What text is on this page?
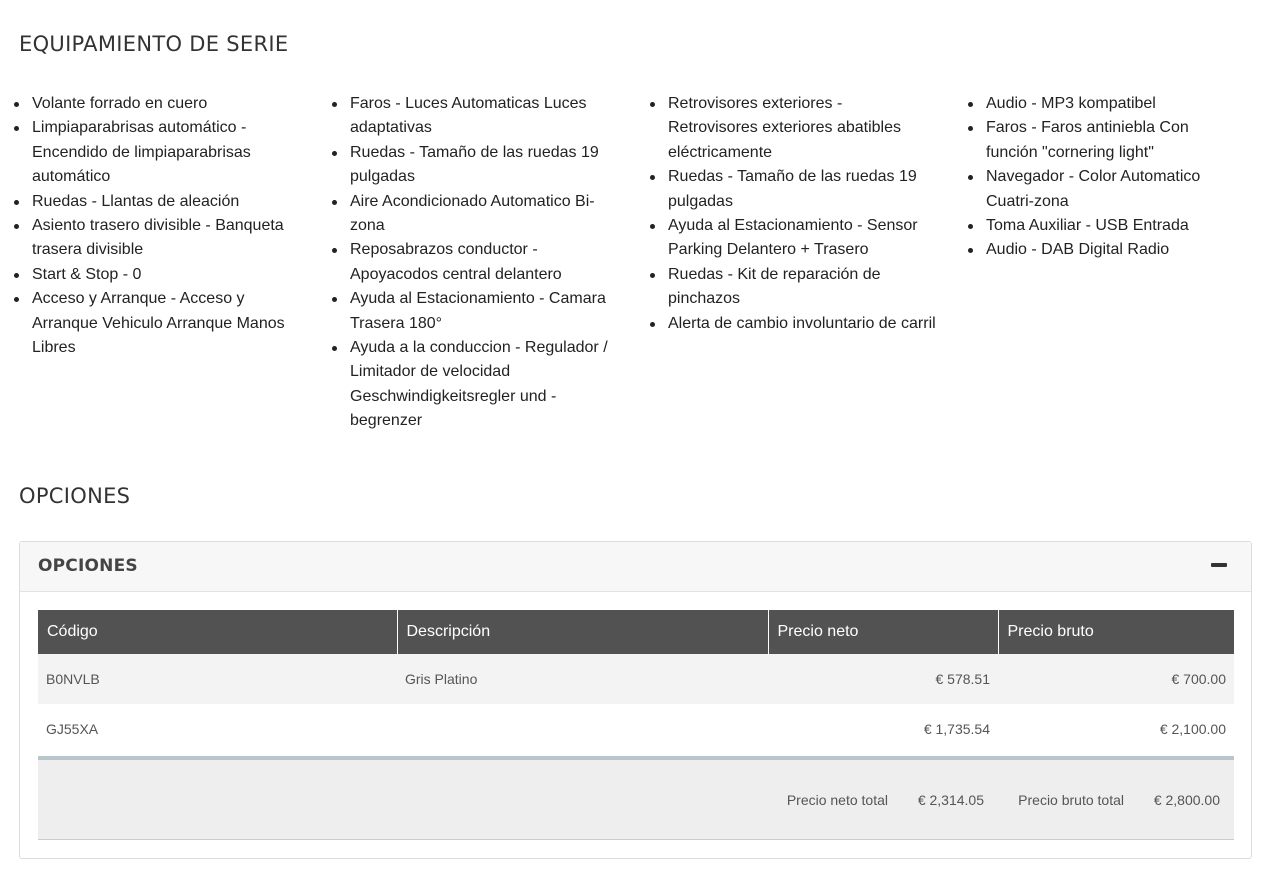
EQUIPAMIENTO DE SERIE
Volante forrado en cuero
Limpiaparabrisas automático - Encendido de limpiaparabrisas automático
Ruedas - Llantas de aleación
Asiento trasero divisible - Banqueta trasera divisible
Start & Stop - 0
Acceso y Arranque - Acceso y Arranque Vehiculo Arranque Manos Libres
Faros - Luces Automaticas Luces adaptativas
Ruedas - Tamaño de las ruedas 19 pulgadas
Aire Acondicionado Automatico Bi-zona
Reposabrazos conductor - Apoyacodos central delantero
Ayuda al Estacionamiento - Camara Trasera 180°
Ayuda a la conduccion - Regulador / Limitador de velocidad Geschwindigkeitsregler und -begrenzer
Retrovisores exteriores - Retrovisores exteriores abatibles eléctricamente
Ruedas - Tamaño de las ruedas 19 pulgadas
Ayuda al Estacionamiento - Sensor Parking Delantero + Trasero
Ruedas - Kit de reparación de pinchazos
Alerta de cambio involuntario de carril
Audio - MP3 kompatibel
Faros - Faros antiniebla Con función "cornering light"
Navegador - Color Automatico Cuatri-zona
Toma Auxiliar - USB Entrada
Audio - DAB Digital Radio
OPCIONES
OPCIONES
Código	Descripción	Precio neto	Precio bruto
B0NVLB	Gris Platino	€ 578.51	€ 700.00
GJ55XA		€ 1,735.54	€ 2,100.00
Precio neto total € 2,314.05 Precio bruto total € 2,800.00
